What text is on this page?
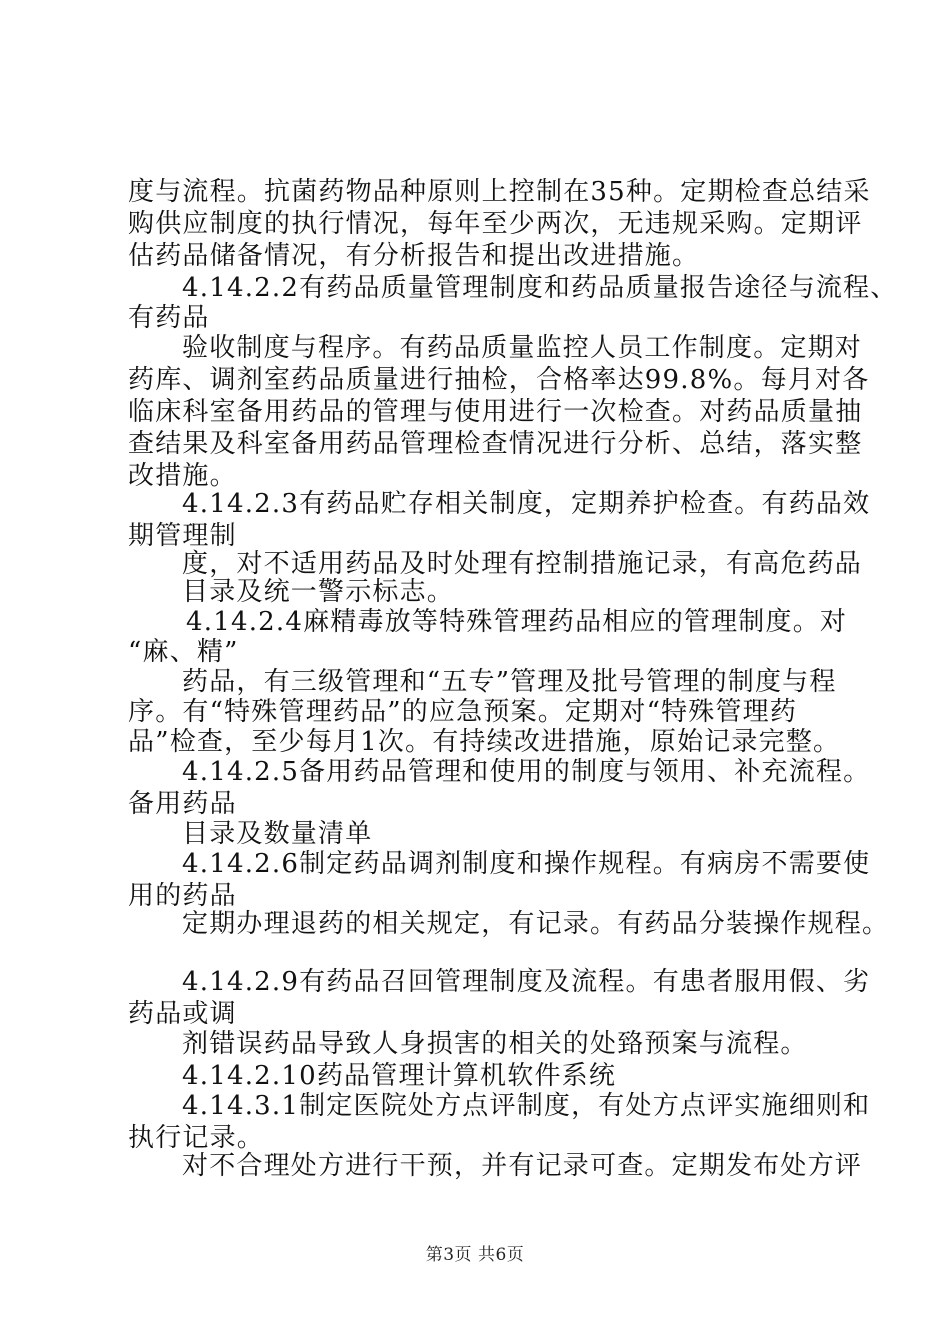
度与流程。抗菌药物品种原则上控制在35种。定期检查总结采
购供应制度的执行情况，每年至少两次，无违规采购。定期评
估药品储备情况，有分析报告和提出改进措施。
4.14.2.2有药品质量管理制度和药品质量报告途径与流程、
有药品
验收制度与程序。有药品质量监控人员工作制度。定期对
药库、调剂室药品质量进行抽检，合格率达99.8%。每月对各
临床科室备用药品的管理与使用进行一次检查。对药品质量抽
查结果及科室备用药品管理检查情况进行分析、总结，落实整
改措施。
4.14.2.3有药品贮存相关制度，定期养护检查。有药品效
期管理制
度，对不适用药品及时处理有控制措施记录，有高危药品
目录及统一警示标志。
4.14.2.4麻精毒放等特殊管理药品相应的管理制度。对
“麻、精”
药品，有三级管理和“五专”管理及批号管理的制度与程
序。有“特殊管理药品”的应急预案。定期对“特殊管理药
品”检查，至少每月1次。有持续改进措施，原始记录完整。
4.14.2.5备用药品管理和使用的制度与领用、补充流程。
备用药品
目录及数量清单
4.14.2.6制定药品调剂制度和操作规程。有病房不需要使
用的药品
定期办理退药的相关规定，有记录。有药品分装操作规程。
4.14.2.9有药品召回管理制度及流程。有患者服用假、劣
药品或调
剂错误药品导致人身损害的相关的处臵预案与流程。
4.14.2.10药品管理计算机软件系统
4.14.3.1制定医院处方点评制度，有处方点评实施细则和
执行记录。
对不合理处方进行干预，并有记录可查。定期发布处方评
第3页 共6页
